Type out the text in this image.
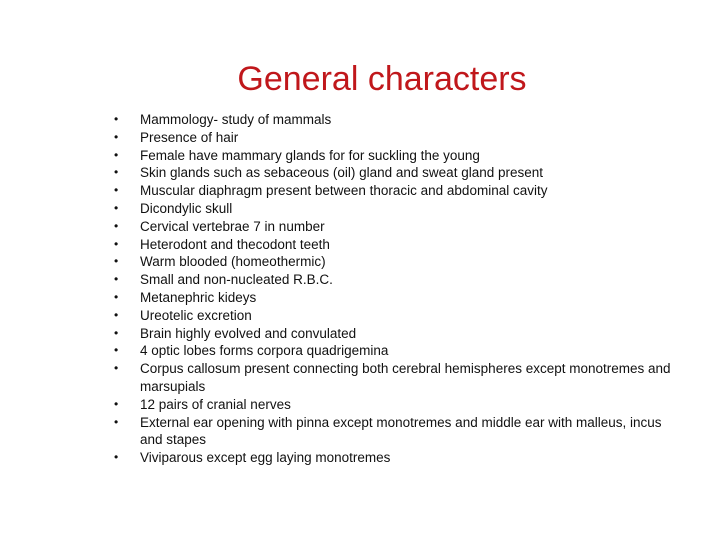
General characters
•	Mammology- study of mammals
•	Presence of hair
•	Female have mammary glands for for suckling the young
•	Skin glands such as sebaceous (oil) gland and sweat gland present
•	Muscular diaphragm present between thoracic and abdominal cavity
•	Dicondylic skull
•	Cervical vertebrae 7 in number
•	Heterodont and thecodont teeth
•	Warm blooded (homeothermic)
•	Small and non-nucleated R.B.C.
•	Metanephric kideys
•	Ureotelic excretion
•	Brain highly evolved and convulated
•	4 optic lobes forms corpora quadrigemina
•	Corpus callosum present connecting both cerebral hemispheres except monotremes and marsupials
•	12 pairs of cranial nerves
•	External ear opening with pinna except monotremes and middle ear with malleus, incus and stapes
•	Viviparous except egg laying monotremes
